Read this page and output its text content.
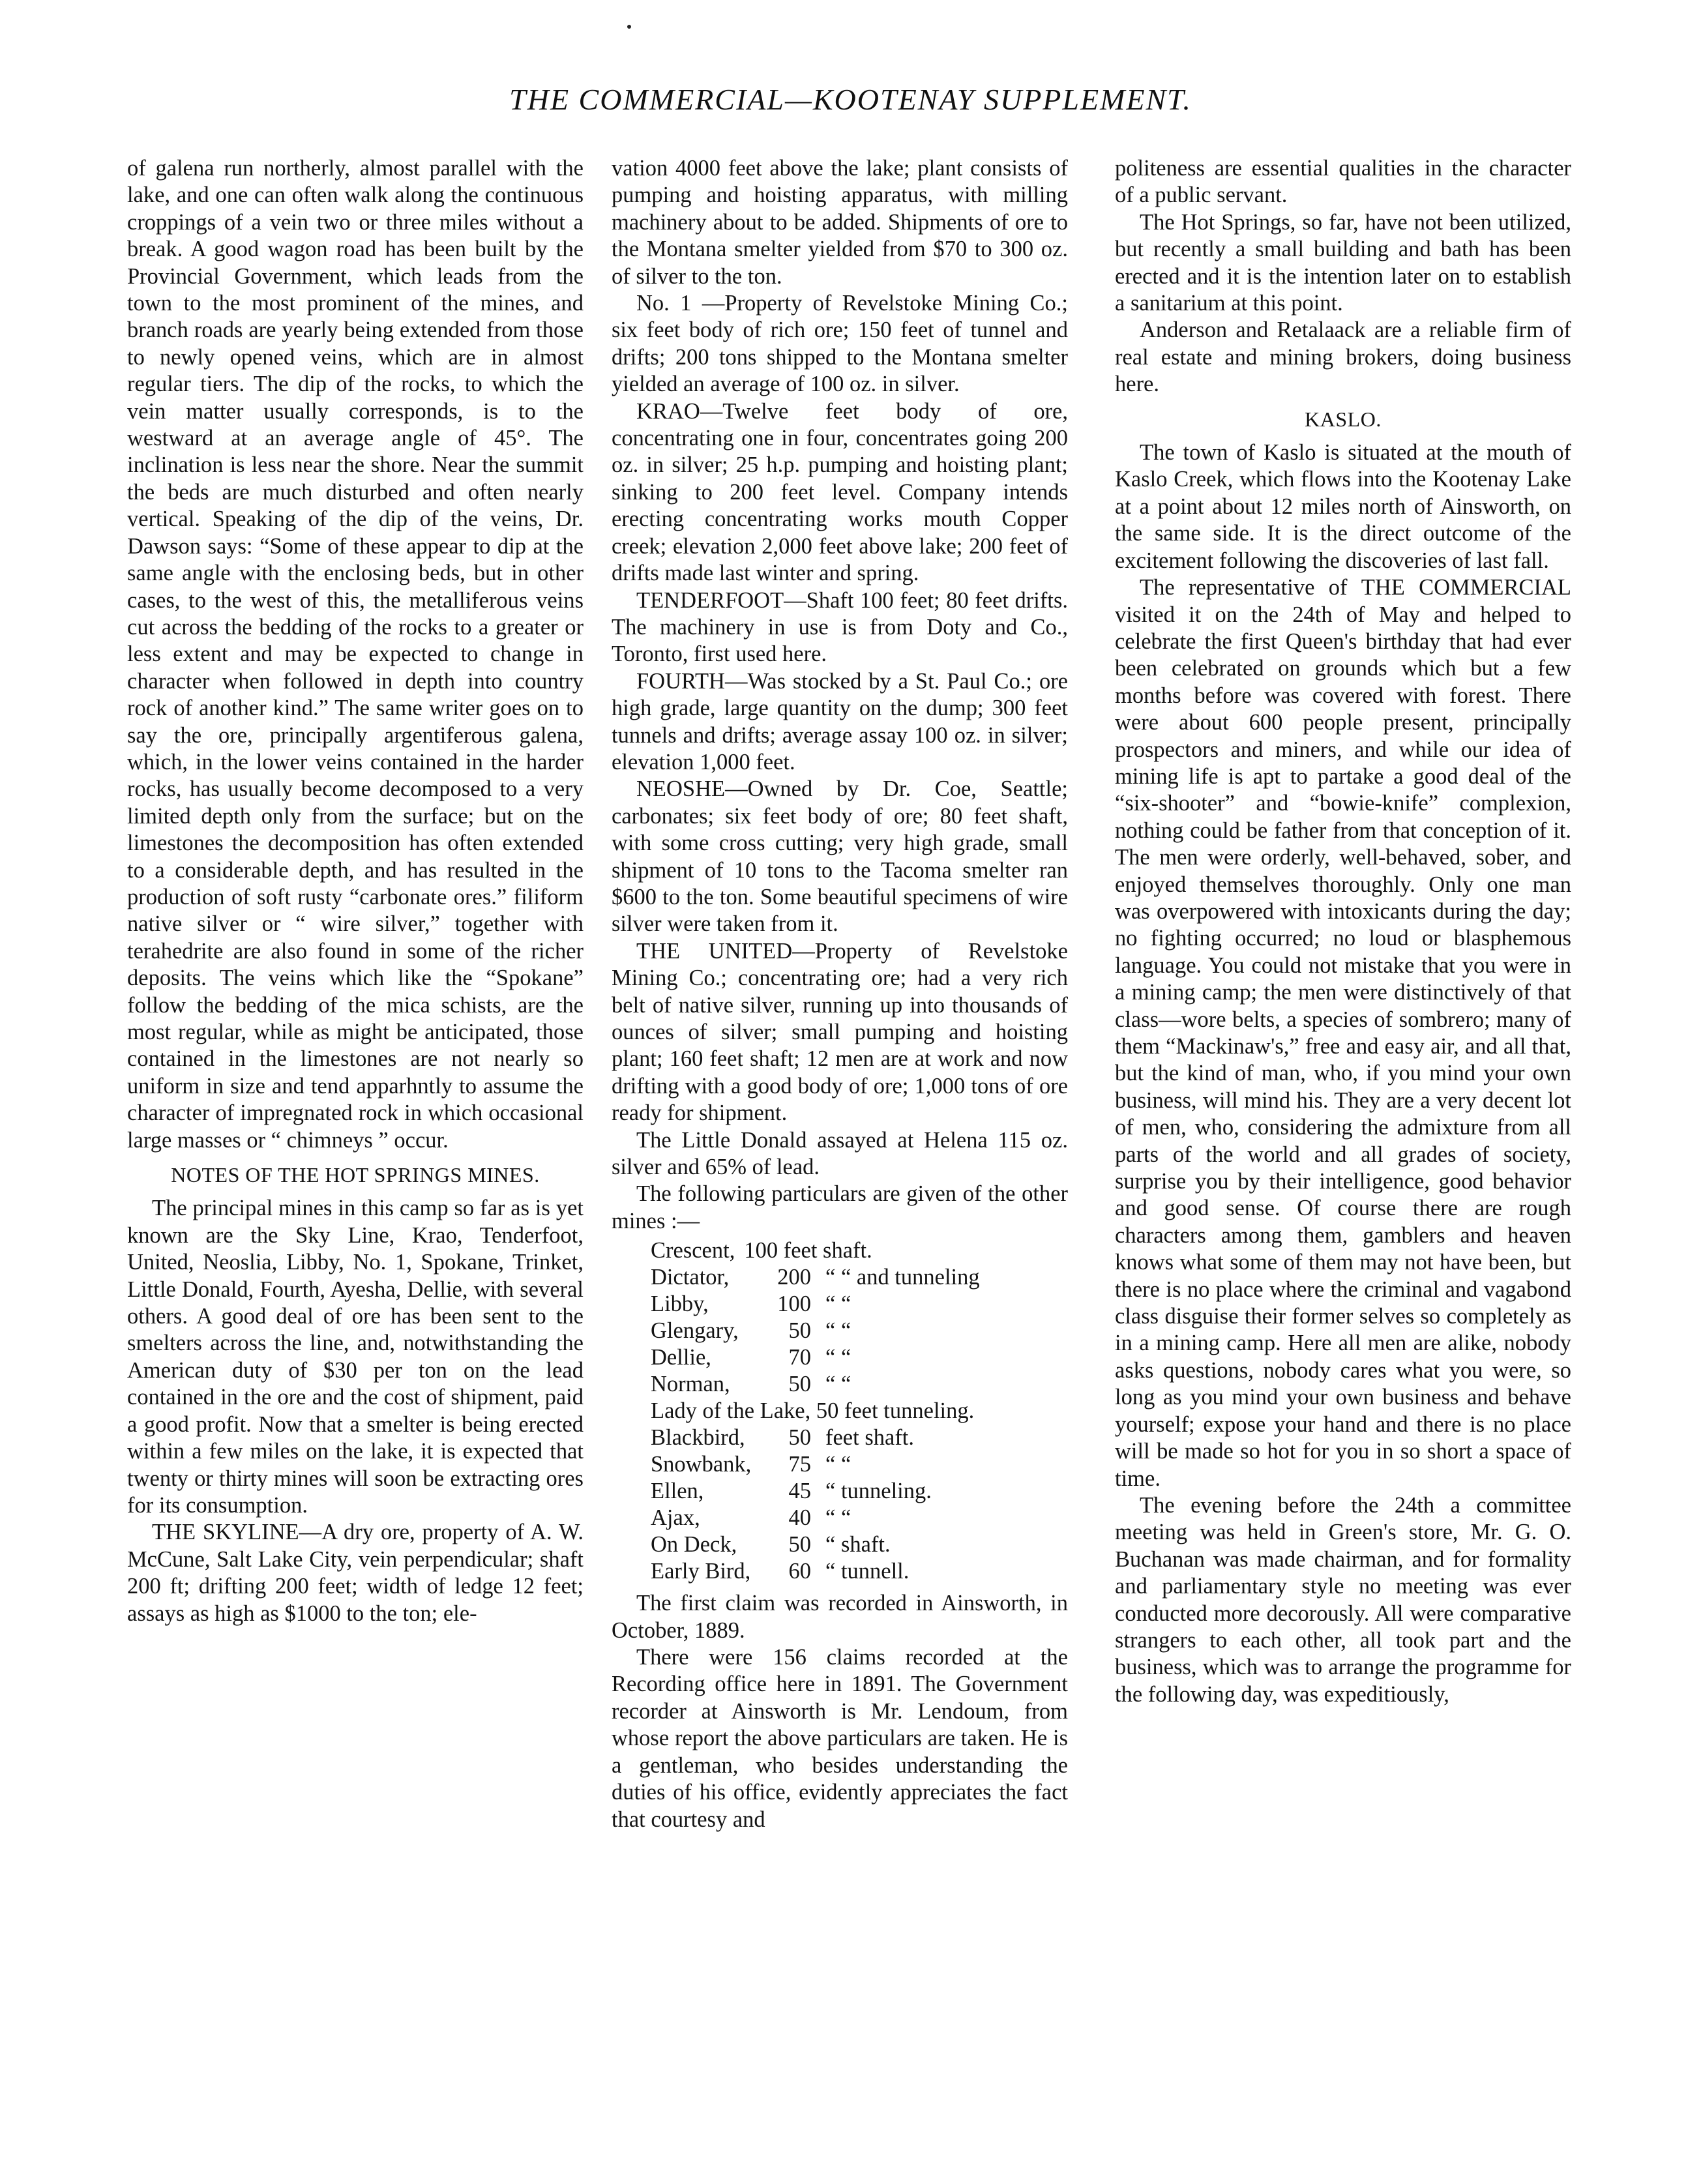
THE COMMERCIAL—KOOTENAY SUPPLEMENT.

of galena run northerly, almost parallel with the lake, and one can often walk along the continuous croppings of a vein two or three miles without a break. A good wagon road has been built by the Provincial Government, which leads from the town to the most prominent of the mines, and branch roads are yearly being extended from those to newly opened veins, which are in almost regular tiers. The dip of the rocks, to which the vein matter usually corresponds, is to the westward at an average angle of 45°. The inclination is less near the shore. Near the summit the beds are much disturbed and often nearly vertical. Speaking of the dip of the veins, Dr. Dawson says: “Some of these appear to dip at the same angle with the enclosing beds, but in other cases, to the west of this, the metalliferous veins cut across the bedding of the rocks to a greater or less extent and may be expected to change in character when followed in depth into country rock of another kind.” The same writer goes on to say the ore, principally argentiferous galena, which, in the lower veins contained in the harder rocks, has usually become decomposed to a very limited depth only from the surface; but on the limestones the decomposition has often extended to a considerable depth, and has resulted in the production of soft rusty “carbonate ores.” filiform native silver or “ wire silver,” together with terahedrite are also found in some of the richer deposits. The veins which like the “Spokane” follow the bedding of the mica schists, are the most regular, while as might be anticipated, those contained in the limestones are not nearly so uniform in size and tend apparhntly to assume the character of impregnated rock in which occasional large masses or “ chimneys ” occur.

NOTES OF THE HOT SPRINGS MINES.

The principal mines in this camp so far as is yet known are the Sky Line, Krao, Tenderfoot, United, Neoslia, Libby, No. 1, Spokane, Trinket, Little Donald, Fourth, Ayesha, Dellie, with several others. A good deal of ore has been sent to the smelters across the line, and, notwithstanding the American duty of $30 per ton on the lead contained in the ore and the cost of shipment, paid a good profit. Now that a smelter is being erected within a few miles on the lake, it is expected that twenty or thirty mines will soon be extracting ores for its consumption.

THE SKYLINE—A dry ore, property of A. W. McCune, Salt Lake City, vein perpendicular; shaft 200 ft; drifting 200 feet; width of ledge 12 feet; assays as high as $1000 to the ton; ele-

vation 4000 feet above the lake; plant consists of pumping and hoisting apparatus, with milling machinery about to be added. Shipments of ore to the Montana smelter yielded from $70 to 300 oz. of silver to the ton.

No. 1 —Property of Revelstoke Mining Co.; six feet body of rich ore; 150 feet of tunnel and drifts; 200 tons shipped to the Montana smelter yielded an average of 100 oz. in silver.

KRAO—Twelve feet body of ore, concentrating one in four, concentrates going 200 oz. in silver; 25 h.p. pumping and hoisting plant; sinking to 200 feet level. Company intends erecting concentrating works mouth Copper creek; elevation 2,000 feet above lake; 200 feet of drifts made last winter and spring.

TENDERFOOT—Shaft 100 feet; 80 feet drifts. The machinery in use is from Doty and Co., Toronto, first used here.

FOURTH—Was stocked by a St. Paul Co.; ore high grade, large quantity on the dump; 300 feet tunnels and drifts; average assay 100 oz. in silver; elevation 1,000 feet.

NEOSHE—Owned by Dr. Coe, Seattle; carbonates; six feet body of ore; 80 feet shaft, with some cross cutting; very high grade, small shipment of 10 tons to the Tacoma smelter ran $600 to the ton. Some beautiful specimens of wire silver were taken from it.

THE UNITED—Property of Revelstoke Mining Co.; concentrating ore; had a very rich belt of native silver, running up into thousands of ounces of silver; small pumping and hoisting plant; 160 feet shaft; 12 men are at work and now drifting with a good body of ore; 1,000 tons of ore ready for shipment.

The Little Donald assayed at Helena 115 oz. silver and 65% of lead.

The following particulars are given of the other mines :—

Crescent, 100 feet shaft.
Dictator,	200 “ “ and tunneling
Libby,	100 “ “
Glengary,	50 “ “
Dellie,	70 “ “
Norman,	50 “ “
Lady of the Lake, 50 feet tunneling.
Blackbird,	50 feet shaft.
Snowbank,	75 “ “
Ellen,	45 “ tunneling.
Ajax,	40 “ “
On Deck,	50 “ shaft.
Early Bird,	60 “ tunnell.

The first claim was recorded in Ainsworth, in October, 1889.

There were 156 claims recorded at the Recording office here in 1891. The Government recorder at Ainsworth is Mr. Lendoum, from whose report the above particulars are taken. He is a gentleman, who besides understanding the duties of his office, evidently appreciates the fact that courtesy and

politeness are essential qualities in the character of a public servant.

The Hot Springs, so far, have not been utilized, but recently a small building and bath has been erected and it is the intention later on to establish a sanitarium at this point.

Anderson and Retalaack are a reliable firm of real estate and mining brokers, doing business here.

KASLO.

The town of Kaslo is situated at the mouth of Kaslo Creek, which flows into the Kootenay Lake at a point about 12 miles north of Ainsworth, on the same side. It is the direct outcome of the excitement following the discoveries of last fall.

The representative of THE COMMERCIAL visited it on the 24th of May and helped to celebrate the first Queen's birthday that had ever been celebrated on grounds which but a few months before was covered with forest. There were about 600 people present, principally prospectors and miners, and while our idea of mining life is apt to partake a good deal of the “six-shooter” and “bowie-knife” complexion, nothing could be father from that conception of it. The men were orderly, well-behaved, sober, and enjoyed themselves thoroughly. Only one man was overpowered with intoxicants during the day; no fighting occurred; no loud or blasphemous language. You could not mistake that you were in a mining camp; the men were distinctively of that class—wore belts, a species of sombrero; many of them “Mackinaw's,” free and easy air, and all that, but the kind of man, who, if you mind your own business, will mind his. They are a very decent lot of men, who, considering the admixture from all parts of the world and all grades of society, surprise you by their intelligence, good behavior and good sense. Of course there are rough characters among them, gamblers and heaven knows what some of them may not have been, but there is no place where the criminal and vagabond class disguise their former selves so completely as in a mining camp. Here all men are alike, nobody asks questions, nobody cares what you were, so long as you mind your own business and behave yourself; expose your hand and there is no place will be made so hot for you in so short a space of time.

The evening before the 24th a committee meeting was held in Green's store, Mr. G. O. Buchanan was made chairman, and for formality and parliamentary style no meeting was ever conducted more decorously. All were comparative strangers to each other, all took part and the business, which was to arrange the programme for the following day, was expeditiously,
